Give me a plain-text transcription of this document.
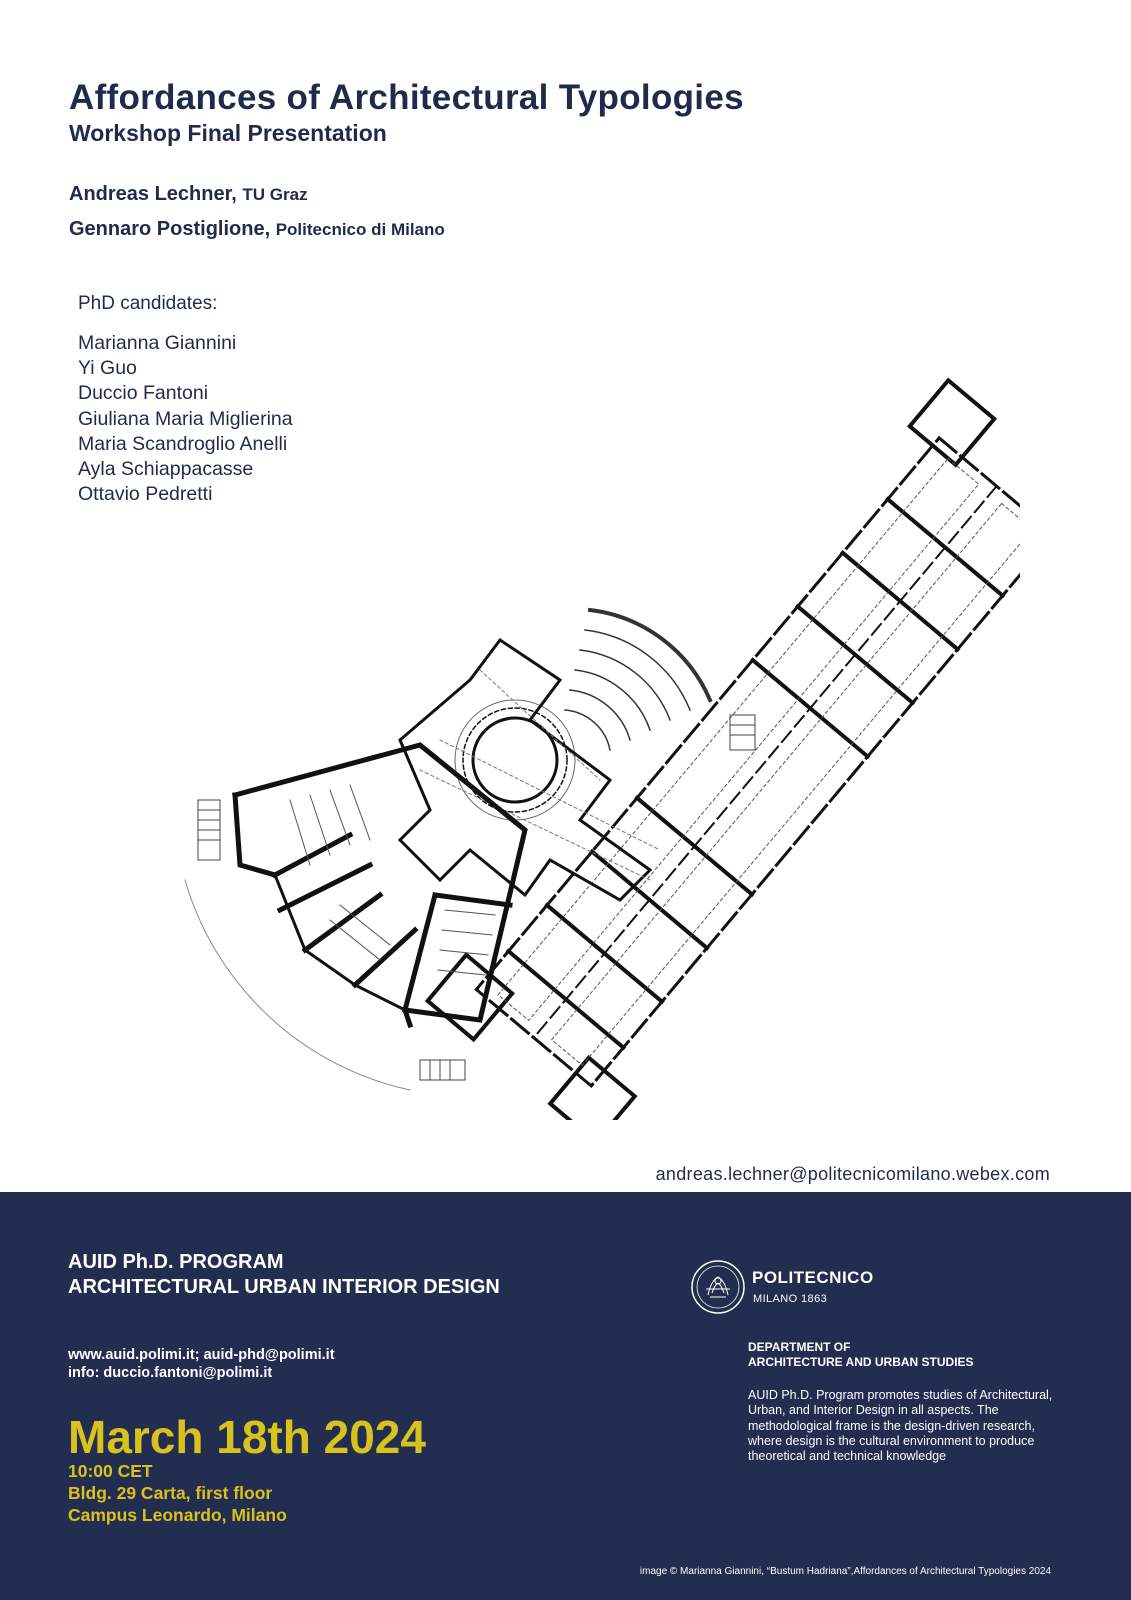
Affordances of Architectural Typologies
Workshop Final Presentation
Andreas Lechner, TU Graz
Gennaro Postiglione, Politecnico di Milano
PhD candidates:
Marianna Giannini
Yi Guo
Duccio Fantoni
Giuliana Maria Miglierina
Maria Scandroglio Anelli
Ayla Schiappacasse
Ottavio Pedretti
andreas.lechner@politecnicomilano.webex.com
AUID Ph.D. PROGRAM
ARCHITECTURAL URBAN INTERIOR DESIGN
www.auid.polimi.it; auid-phd@polimi.it
info: duccio.fantoni@polimi.it
March 18th 2024
10:00 CET
Bldg. 29 Carta, first floor
Campus Leonardo, Milano
POLITECNICO
MILANO 1863
DEPARTMENT OF
ARCHITECTURE AND URBAN STUDIES
AUID Ph.D. Program promotes studies of Architectural, Urban, and Interior Design in all aspects. The methodological frame is the design-driven research, where design is the cultural environment to produce theoretical and technical knowledge
image © Marianna Giannini, “Bustum Hadriana”,Affordances of Architectural Typologies 2024
